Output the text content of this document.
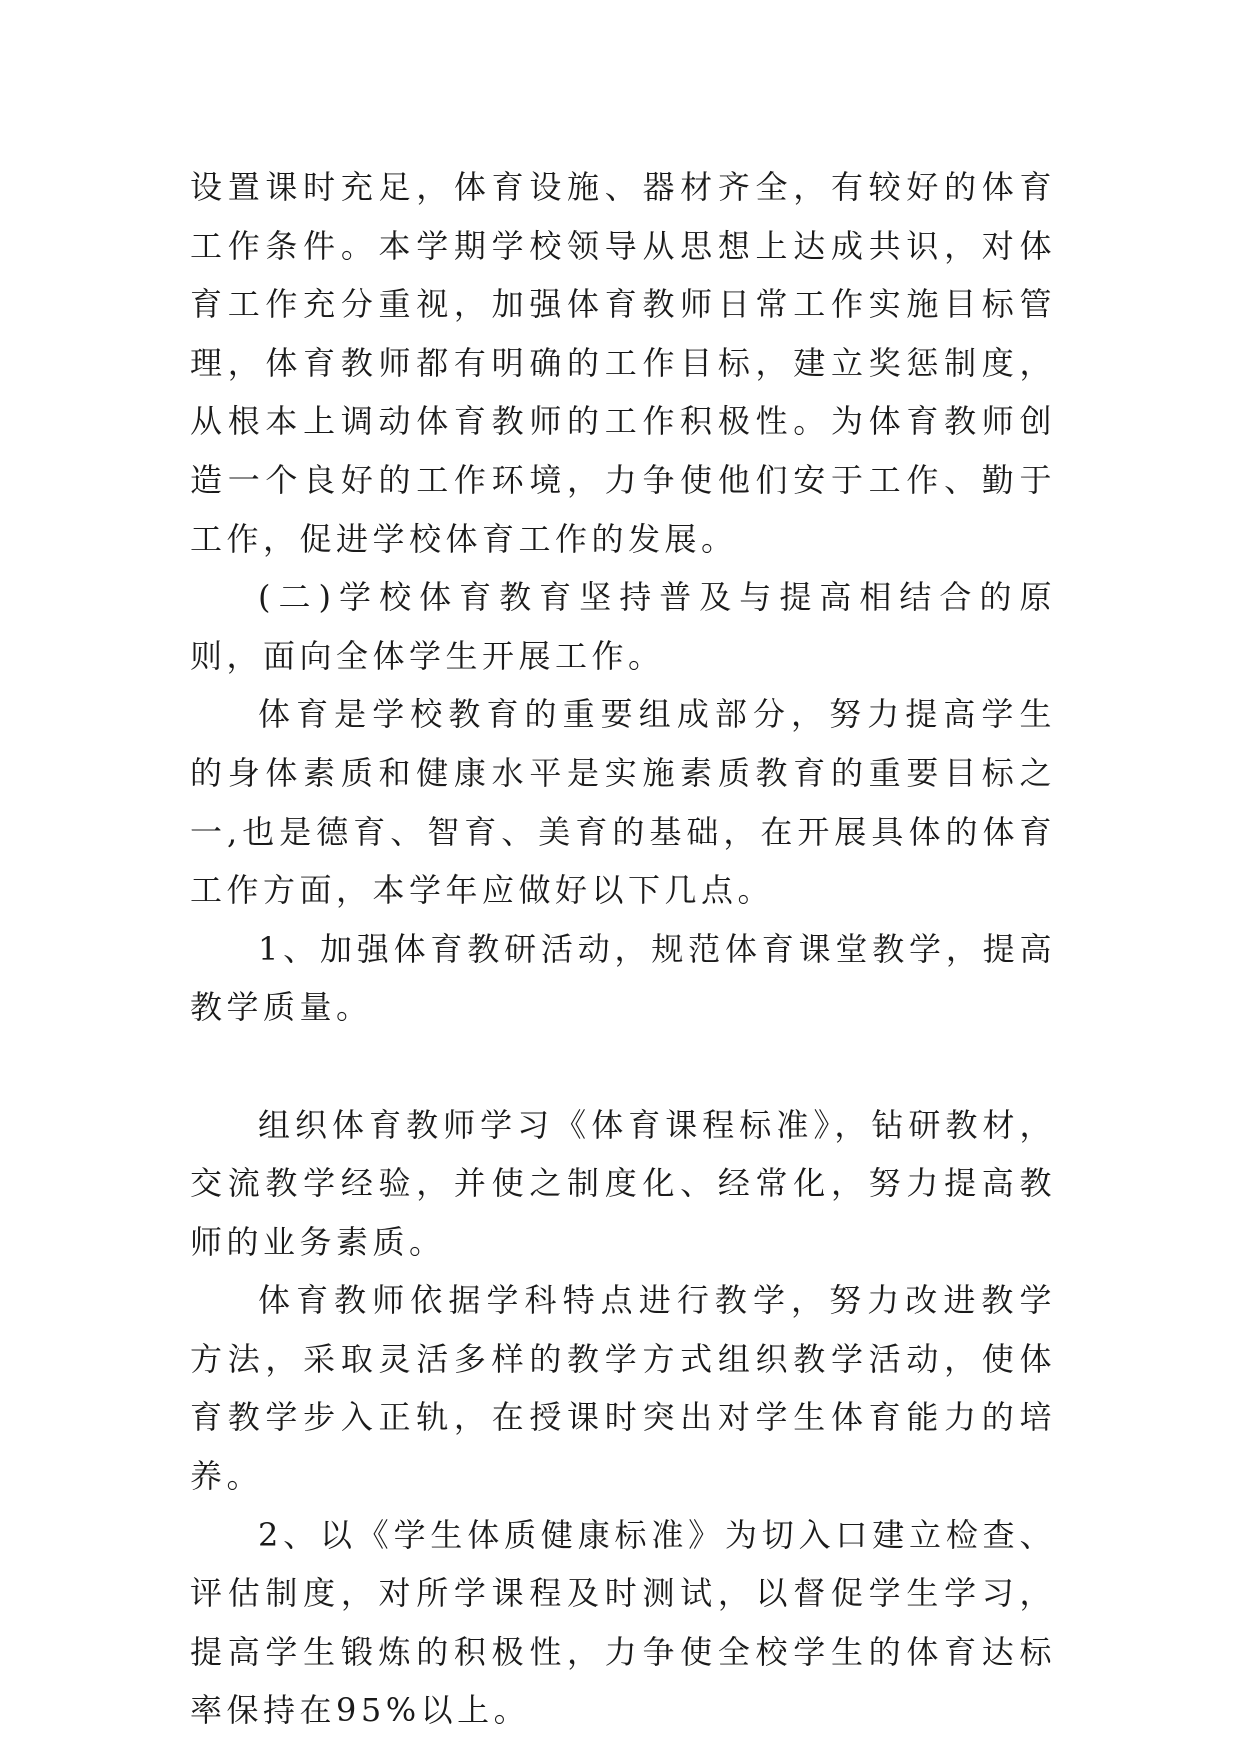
设置课时充足，体育设施、器材齐全，有较好的体育工作条件。本学期学校领导从思想上达成共识，对体育工作充分重视，加强体育教师日常工作实施目标管理，体育教师都有明确的工作目标，建立奖惩制度，从根本上调动体育教师的工作积极性。为体育教师创造一个良好的工作环境，力争使他们安于工作、勤于工作，促进学校体育工作的发展。

(二)学校体育教育坚持普及与提高相结合的原则，面向全体学生开展工作。

体育是学校教育的重要组成部分，努力提高学生的身体素质和健康水平是实施素质教育的重要目标之一,也是德育、智育、美育的基础，在开展具体的体育工作方面，本学年应做好以下几点。

1、加强体育教研活动，规范体育课堂教学，提高教学质量。

组织体育教师学习《体育课程标准》，钻研教材，交流教学经验，并使之制度化、经常化，努力提高教师的业务素质。

体育教师依据学科特点进行教学，努力改进教学方法，采取灵活多样的教学方式组织教学活动，使体育教学步入正轨，在授课时突出对学生体育能力的培养。

2、以《学生体质健康标准》为切入口建立检查、评估制度，对所学课程及时测试，以督促学生学习，提高学生锻炼的积极性，力争使全校学生的体育达标率保持在95%以上。
